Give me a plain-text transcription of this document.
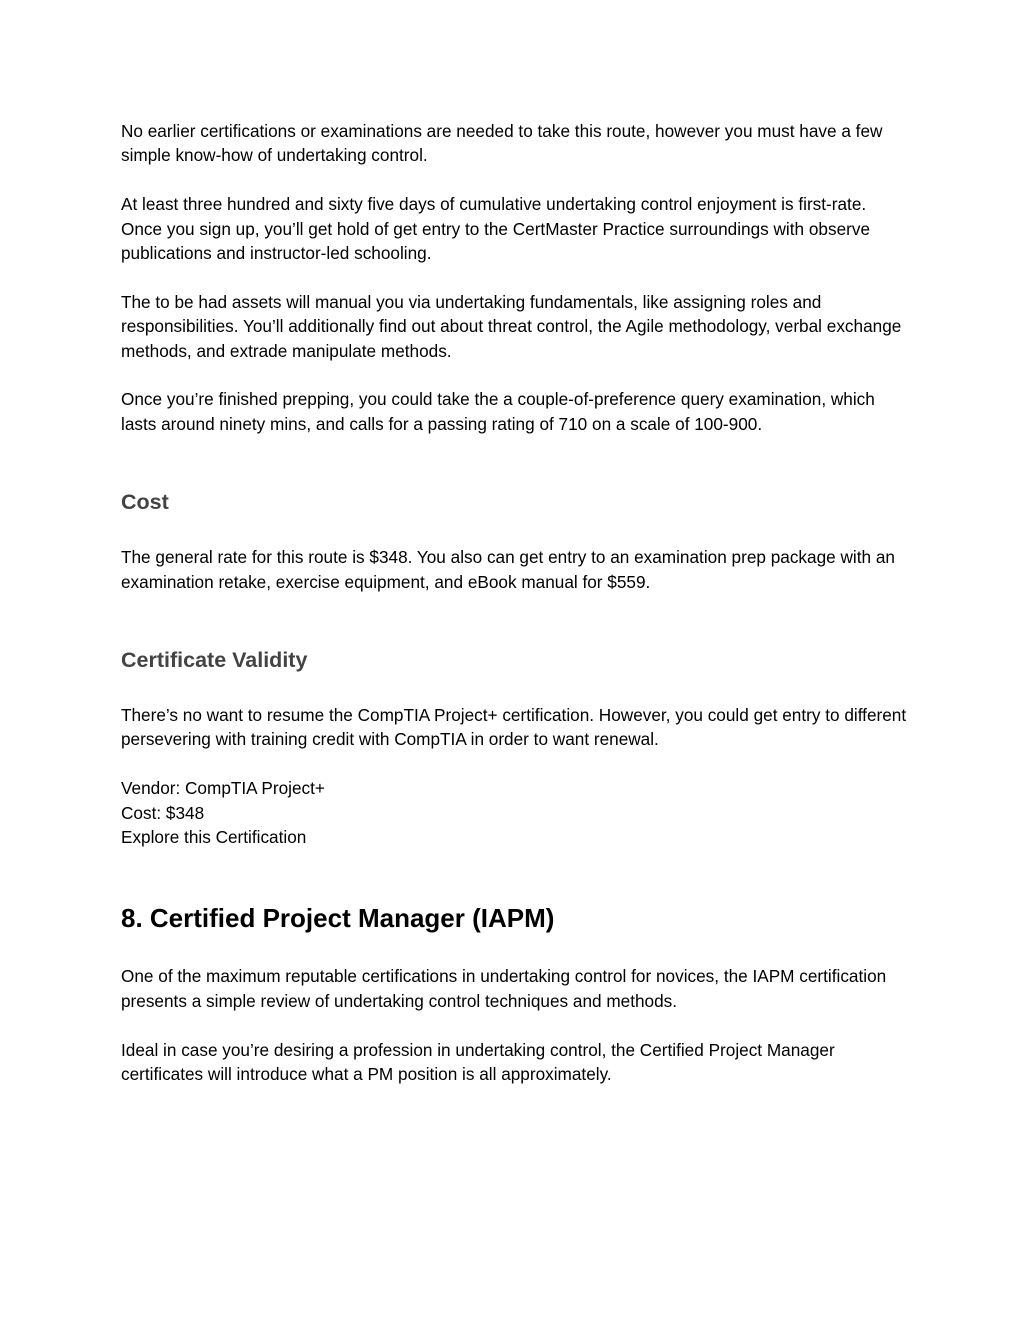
No earlier certifications or examinations are needed to take this route, however you must have a few simple know-how of undertaking control.

At least three hundred and sixty five days of cumulative undertaking control enjoyment is first-rate. Once you sign up, you’ll get hold of get entry to the CertMaster Practice surroundings with observe publications and instructor-led schooling.

The to be had assets will manual you via undertaking fundamentals, like assigning roles and responsibilities. You’ll additionally find out about threat control, the Agile methodology, verbal exchange methods, and extrade manipulate methods.

Once you’re finished prepping, you could take the a couple-of-preference query examination, which lasts around ninety mins, and calls for a passing rating of 710 on a scale of 100-900.

Cost

The general rate for this route is $348. You also can get entry to an examination prep package with an examination retake, exercise equipment, and eBook manual for $559.

Certificate Validity

There’s no want to resume the CompTIA Project+ certification. However, you could get entry to different persevering with training credit with CompTIA in order to want renewal.

Vendor: CompTIA Project+
Cost: $348
Explore this Certification

8. Certified Project Manager (IAPM)

One of the maximum reputable certifications in undertaking control for novices, the IAPM certification presents a simple review of undertaking control techniques and methods.

Ideal in case you’re desiring a profession in undertaking control, the Certified Project Manager certificates will introduce what a PM position is all approximately.
